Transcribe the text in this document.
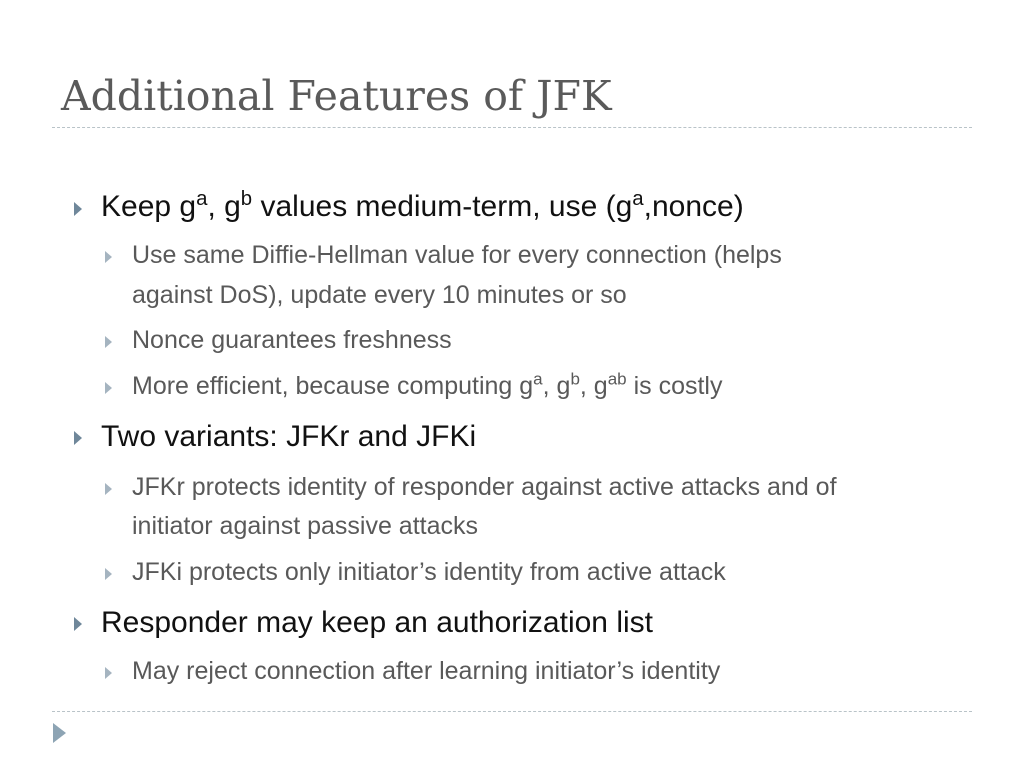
Additional Features of JFK
Keep $g^a$, $g^b$ values medium-term, use $(g^a,nonce)$
Use same Diffie-Hellman value for every connection (helps
against DoS), update every 10 minutes or so
Nonce guarantees freshness
More efficient, because computing $g^a$, $g^b$, $g^{ab}$ is costly
Two variants: JFKr and JFKi
JFKr protects identity of responder against active attacks and of
initiator against passive attacks
JFKi protects only initiator’s identity from active attack
Responder may keep an authorization list
May reject connection after learning initiator’s identity
